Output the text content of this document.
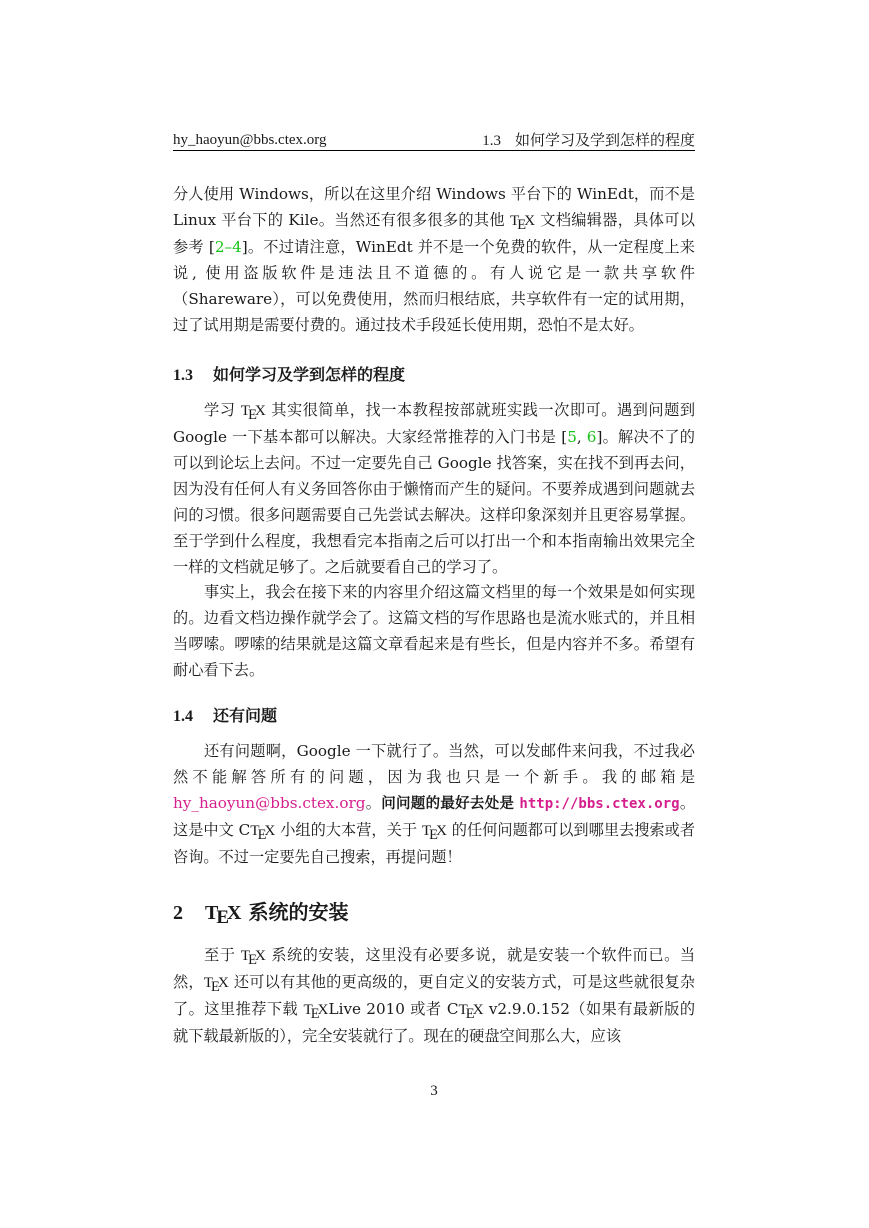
hy_haoyun@bbs.ctex.org	1.3 如何学习及学到怎样的程度
分人使用 Windows，所以在这里介绍 Windows 平台下的 WinEdt，而不是 Linux 平台下的 Kile。当然还有很多很多的其他 TEX 文档编辑器，具体可以参考 [2–4]。不过请注意，WinEdt 并不是一个免费的软件，从一定程度上来说, 使用盗版软件是违法且不道德的。有人说它是一款共享软件（Shareware），可以免费使用，然而归根结底，共享软件有一定的试用期，过了试用期是需要付费的。通过技术手段延长使用期，恐怕不是太好。
1.3 如何学习及学到怎样的程度
学习 TEX 其实很简单，找一本教程按部就班实践一次即可。遇到问题到 Google 一下基本都可以解决。大家经常推荐的入门书是 [5, 6]。解决不了的可以到论坛上去问。不过一定要先自己 Google 找答案，实在找不到再去问，因为没有任何人有义务回答你由于懒惰而产生的疑问。不要养成遇到问题就去问的习惯。很多问题需要自己先尝试去解决。这样印象深刻并且更容易掌握。至于学到什么程度，我想看完本指南之后可以打出一个和本指南输出效果完全一样的文档就足够了。之后就要看自己的学习了。
事实上，我会在接下来的内容里介绍这篇文档里的每一个效果是如何实现的。边看文档边操作就学会了。这篇文档的写作思路也是流水账式的，并且相当啰嗦。啰嗦的结果就是这篇文章看起来是有些长，但是内容并不多。希望有耐心看下去。
1.4 还有问题
还有问题啊，Google 一下就行了。当然，可以发邮件来问我，不过我必然不能解答所有的问题，因为我也只是一个新手。我的邮箱是hy_haoyun@bbs.ctex.org。问问题的最好去处是 http://bbs.ctex.org。这是中文 CTEX 小组的大本营，关于 TEX 的任何问题都可以到哪里去搜索或者咨询。不过一定要先自己搜索，再提问题！
2 TEX 系统的安装
至于 TEX 系统的安装，这里没有必要多说，就是安装一个软件而已。当然，TEX 还可以有其他的更高级的，更自定义的安装方式，可是这些就很复杂了。这里推荐下载 TEXLive 2010 或者 CTEX v2.9.0.152（如果有最新版的就下载最新版的），完全安装就行了。现在的硬盘空间那么大，应该
3
